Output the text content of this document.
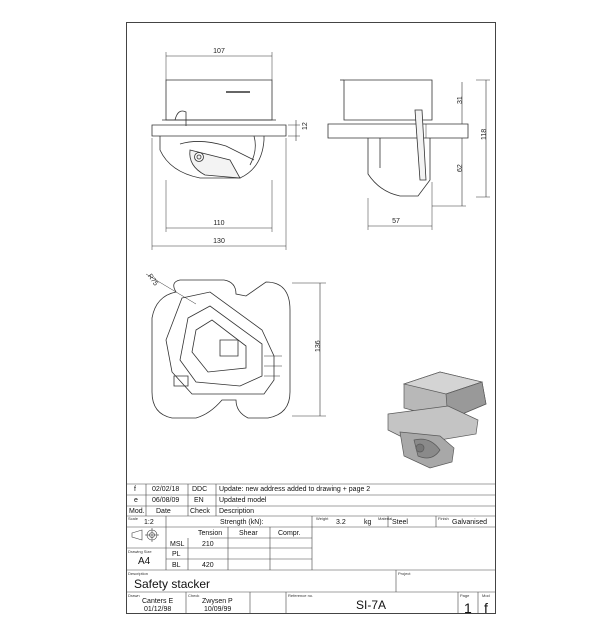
107
12
110
130
118
31
62
57
R75
136
f 02/02/18 DDC Update: new address added to drawing + page 2
e 06/08/09 EN Updated model
Mod. Date	Check Description
Scale
1:2	Strength (kN):
Weight
3.2	kg
Material
Steel
Finish
Galvanised
Tension Shear	Compr.
MSL	210
PL
BL	420
Drawing Size
A4
Description
Safety stacker
Project
Drawn
Canters E
01/12/98
Check
Zwysen P
10/09/99
Reference no.
SI-7A
Page
1
Mod
f
